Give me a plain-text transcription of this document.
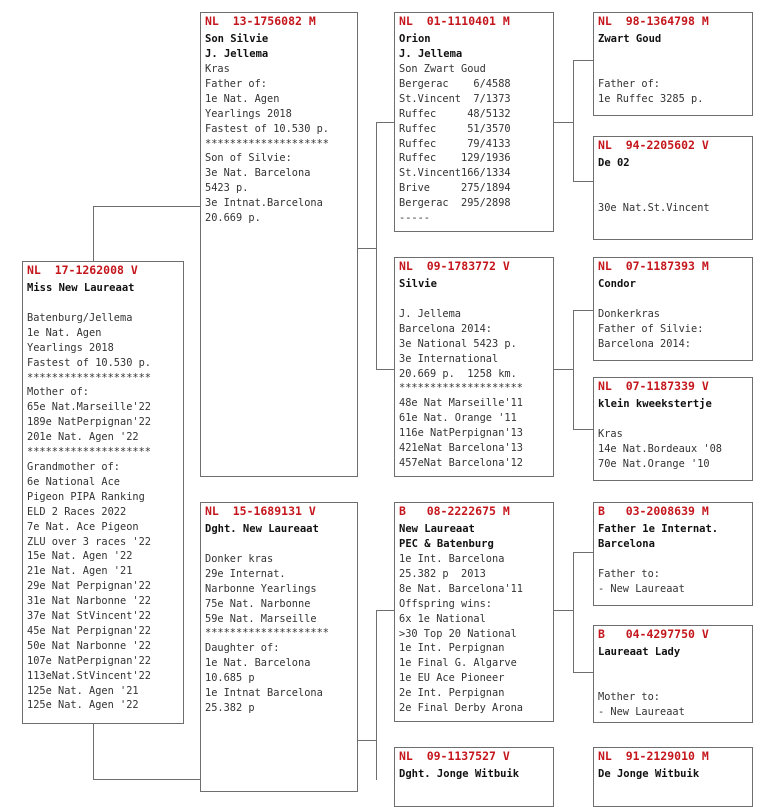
NL  17-1262008 V
Miss New Laureaat
Batenburg/Jellema
1e Nat. Agen
Yearlings 2018
Fastest of 10.530 p.
********************
Mother of:
65e Nat.Marseille'22
189e NatPerpignan'22
201e Nat. Agen '22
********************
Grandmother of:
6e National Ace
Pigeon PIPA Ranking
ELD 2 Races 2022
7e Nat. Ace Pigeon
ZLU over 3 races '22
15e Nat. Agen '22
21e Nat. Agen '21
29e Nat Perpignan'22
31e Nat Narbonne '22
37e Nat StVincent'22
45e Nat Perpignan'22
50e Nat Narbonne '22
107e NatPerpignan'22
113eNat.StVincent'22
125e Nat. Agen '21
125e Nat. Agen '22
NL  13-1756082 M
Son Silvie
J. Jellema
Kras
Father of:
1e Nat. Agen
Yearlings 2018
Fastest of 10.530 p.
********************
Son of Silvie:
3e Nat. Barcelona
5423 p.
3e Intnat.Barcelona
20.669 p.
NL  15-1689131 V
Dght. New Laureaat
Donker kras
29e Internat.
Narbonne Yearlings
75e Nat. Narbonne
59e Nat. Marseille
********************
Daughter of:
1e Nat. Barcelona
10.685 p
1e Intnat Barcelona
25.382 p
NL  01-1110401 M
Orion
J. Jellema
Son Zwart Goud
Bergerac    6/4588
St.Vincent  7/1373
Ruffec     48/5132
Ruffec     51/3570
Ruffec     79/4133
Ruffec    129/1936
St.Vincent166/1334
Brive     275/1894
Bergerac  295/2898
-----
NL  09-1783772 V
Silvie
J. Jellema
Barcelona 2014:
3e National 5423 p.
3e International
20.669 p.  1258 km.
********************
48e Nat Marseille'11
61e Nat. Orange '11
116e NatPerpignan'13
421eNat Barcelona'13
457eNat Barcelona'12
B   08-2222675 M
New Laureaat
PEC & Batenburg
1e Int. Barcelona
25.382 p  2013
8e Nat. Barcelona'11
Offspring wins:
6x 1e National
>30 Top 20 National
1e Int. Perpignan
1e Final G. Algarve
1e EU Ace Pioneer
2e Int. Perpignan
2e Final Derby Arona
NL  09-1137527 V
Dght. Jonge Witbuik
NL  98-1364798 M
Zwart Goud
Father of:
1e Ruffec 3285 p.
NL  94-2205602 V
De 02
30e Nat.St.Vincent
NL  07-1187393 M
Condor
Donkerkras
Father of Silvie:
Barcelona 2014:
NL  07-1187339 V
klein kweekstertje
Kras
14e Nat.Bordeaux '08
70e Nat.Orange '10
B   03-2008639 M
Father 1e Internat.
Barcelona
Father to:
- New Laureaat
B   04-4297750 V
Laureaat Lady
Mother to:
- New Laureaat
NL  91-2129010 M
De Jonge Witbuik
